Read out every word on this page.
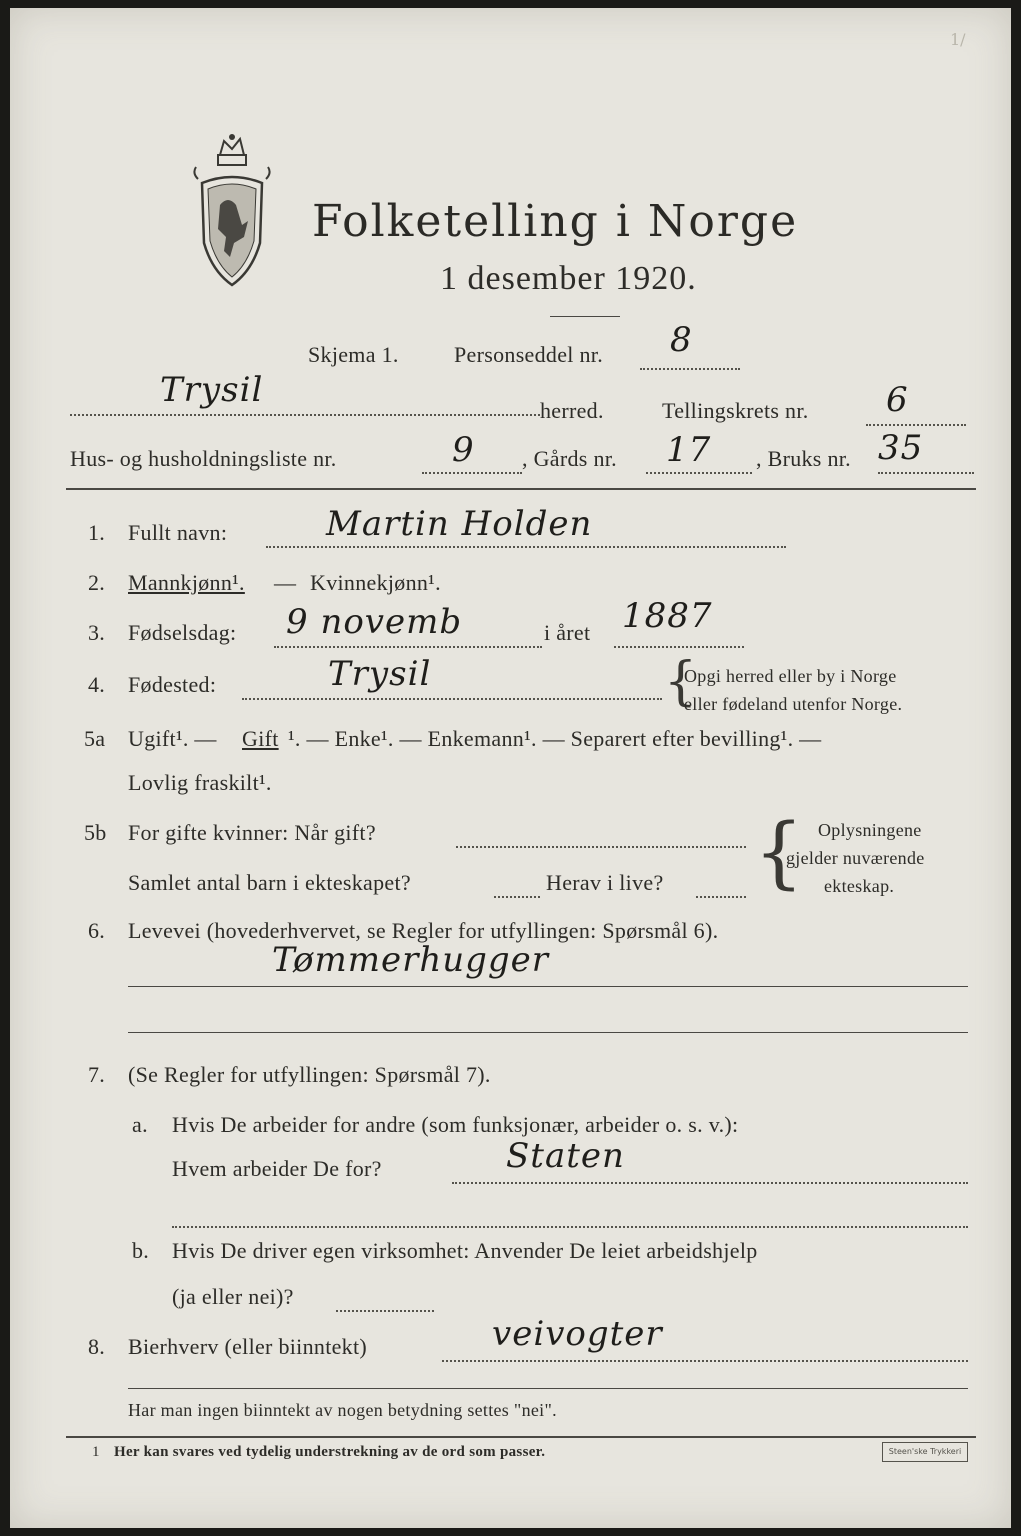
Folketelling i Norge
1 desember 1920.
1/
Skjema 1.	Personseddel nr. 8
Trysil
herred.	Tellingskrets nr. 6
Hus- og husholdningsliste nr.	9 , Gårds nr. 17 , Bruks nr. 35
1. Fullt navn:	Martin Holden
2. Mannkjønn¹. — Kvinnekjønn¹.
3. Fødselsdag: 9 novemb	i året 1887
4. Fødested:	Trysil	{
Opgi herred eller by i Norge
eller fødeland utenfor Norge.
5a Ugift¹. — Gift ¹. — Enke¹. — Enkemann¹. — Separert efter bevilling¹. —
Lovlig fraskilt¹.
5b For gifte kvinner: Når gift?
Samlet antal barn i ekteskapet?	Herav i live? { Oplysningene
gjelder nuværende
ekteskap.
6. Levevei (hovederhvervet, se Regler for utfyllingen: Spørsmål 6).
Tømmerhugger
7. (Se Regler for utfyllingen: Spørsmål 7).
a. Hvis De arbeider for andre (som funksjonær, arbeider o. s. v.):
Hvem arbeider De for?	Staten
b. Hvis De driver egen virksomhet: Anvender De leiet arbeidshjelp
(ja eller nei)?
8. Bierhverv (eller biinntekt)	veivogter
Har man ingen biinntekt av nogen betydning settes "nei".
1 Her kan svares ved tydelig understrekning av de ord som passer.	Steen'ske Trykkeri
